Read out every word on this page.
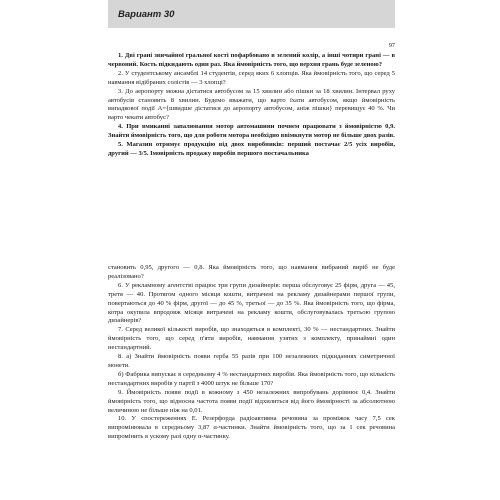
Вариант 30
97

1. Дві грані звичайної гральної кості пофарбовано в зелений колір, а інші чотири грані — в червоний. Кость підкидають один раз. Яка ймовірність того, що верхня грань буде зеленою?

2. У студентському ансамблі 14 студентів, серед яких 6 хлопців. Яка ймовірність того, що серед 5 навмання відібраних солістів — 3 хлопці?

3. До аеропорту можна дістатися автобусом за 15 хвилин або пішки за 18 хвилин. Інтервал руху автобусів становить 8 хвилин. Будемо вважати, що варто їхати автобусом, якщо ймовірність випадкової події A={швидше дістатися до аеропорту автобусом, аніж пішки} перевищує 40 %. Чи варто чекати автобус?

4. При вмиканні запалювання мотор автомашини почнем працювати з ймовірністю 0,9. Знайти ймовірність того, що для роботи мотора необхідно ввімкнути мотор не більше двох разів.

5. Магазин отримує продукцію від двох виробників: перший постачає 2/5 усіх виробів, другий — 3/5. Імовірність продажу виробів першого постачальника

становить 0,95, другого — 0,8. Яка ймовірність того, що навмання вибраний виріб не буде реалізовано?

6. У рекламному агентстві працює три групи дизайнерів: перша обслуговує 25 фірм, друга — 45, третя — 40. Протягом одного місяця кошти, витрачені на рекламу дизайнерами першої групи, повертаються до 40 % фірм, другої — до 45 %, третьої — до 35 %. Яка ймовірність того, що фірма, котра окупила впродовж місяця витрачені на рекламу кошти, обслуговувалась третьою групою дизайнерів?

7. Серед великої кількості виробів, що знаходяться в комплекті, 30 % — нестандартних. Знайти ймовірність того, що серед п'яти виробів, навмання узятих з комплекту, принаймні один нестандартний.

8. а) Знайти ймовірність появи герба 55 разів при 100 незалежних підкиданнях симетричної монети.

б) Фабрика випускає в середньому 4 % нестандартних виробів. Яка ймовірність того, що кількість нестандартних виробів у партії з 4000 штук не більше 170?

9. Ймовірність появи події в кожному з 450 незалежних випробувань дорівнює 0,4. Знайти ймовірність того, що відносна частота появи події відхилиться від його ймовірності за абсолютною величиною не більше ніж на 0,01.

10. У спостереженнях Е. Резерфорда радіоактивна речовина за проміжок часу 7,5 сек випромінювала в середньому 3,87 α-частинки. Знайти ймовірність того, що за 1 сек речовина випромінить в ускому разі одну α-частинку.
